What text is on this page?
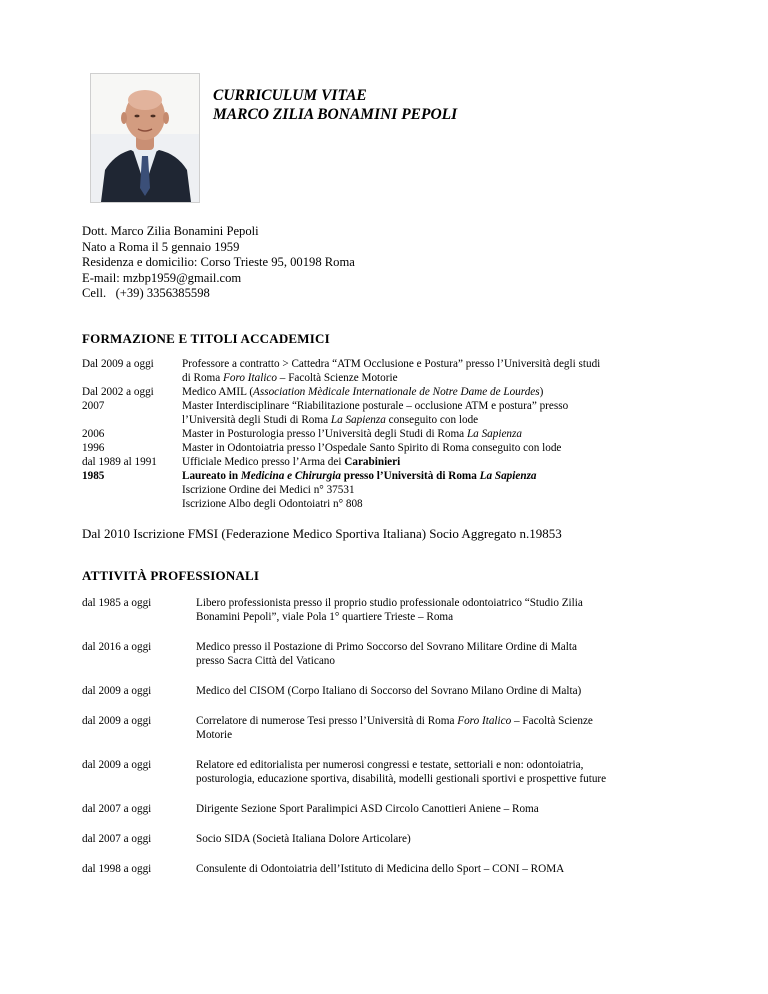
CURRICULUM VITAE
MARCO ZILIA BONAMINI PEPOLI
Dott. Marco Zilia Bonamini Pepoli
Nato a Roma il 5 gennaio 1959
Residenza e domicilio: Corso Trieste 95, 00198 Roma
E-mail: mzbp1959@gmail.com
Cell.   (+39) 3356385598
FORMAZIONE E TITOLI ACCADEMICI
Dal 2009 a oggi	Professore a contratto > Cattedra “ATM Occlusione e Postura” presso l’Università degli studi
di Roma Foro Italico – Facoltà Scienze Motorie
Dal 2002 a oggi	Medico AMIL (Association Mèdicale Internationale de Notre Dame de Lourdes)
2007	Master Interdisciplinare “Riabilitazione posturale – occlusione ATM e postura” presso
l’Università degli Studi di Roma La Sapienza conseguito con lode
2006	Master in Posturologia presso l’Università degli Studi di Roma La Sapienza
1996	Master in Odontoiatria presso l’Ospedale Santo Spirito di Roma conseguito con lode
dal 1989 al 1991	Ufficiale Medico presso l’Arma dei Carabinieri
1985	Laureato in Medicina e Chirurgia presso l’Università di Roma La Sapienza
Iscrizione Ordine dei Medici n° 37531
Iscrizione Albo degli Odontoiatri n° 808
Dal 2010 Iscrizione FMSI (Federazione Medico Sportiva Italiana) Socio Aggregato n.19853
ATTIVITÀ PROFESSIONALI
dal 1985 a oggi	Libero professionista presso il proprio studio professionale odontoiatrico “Studio Zilia
Bonamini Pepoli”, viale Pola 1° quartiere Trieste – Roma
dal 2016 a oggi	Medico presso il Postazione di Primo Soccorso del Sovrano Militare Ordine di Malta
presso Sacra Città del Vaticano
dal 2009 a oggi	Medico del CISOM (Corpo Italiano di Soccorso del Sovrano Milano Ordine di Malta)
dal 2009 a oggi	Correlatore di numerose Tesi presso l’Università di Roma Foro Italico – Facoltà Scienze
Motorie
dal 2009 a oggi	Relatore ed editorialista per numerosi congressi e testate, settoriali e non: odontoiatria,
posturologia, educazione sportiva, disabilità, modelli gestionali sportivi e prospettive future
dal 2007 a oggi	Dirigente Sezione Sport Paralimpici ASD Circolo Canottieri Aniene – Roma
dal 2007 a oggi	Socio SIDA (Società Italiana Dolore Articolare)
dal 1998 a oggi	Consulente di Odontoiatria dell’Istituto di Medicina dello Sport – CONI – ROMA
